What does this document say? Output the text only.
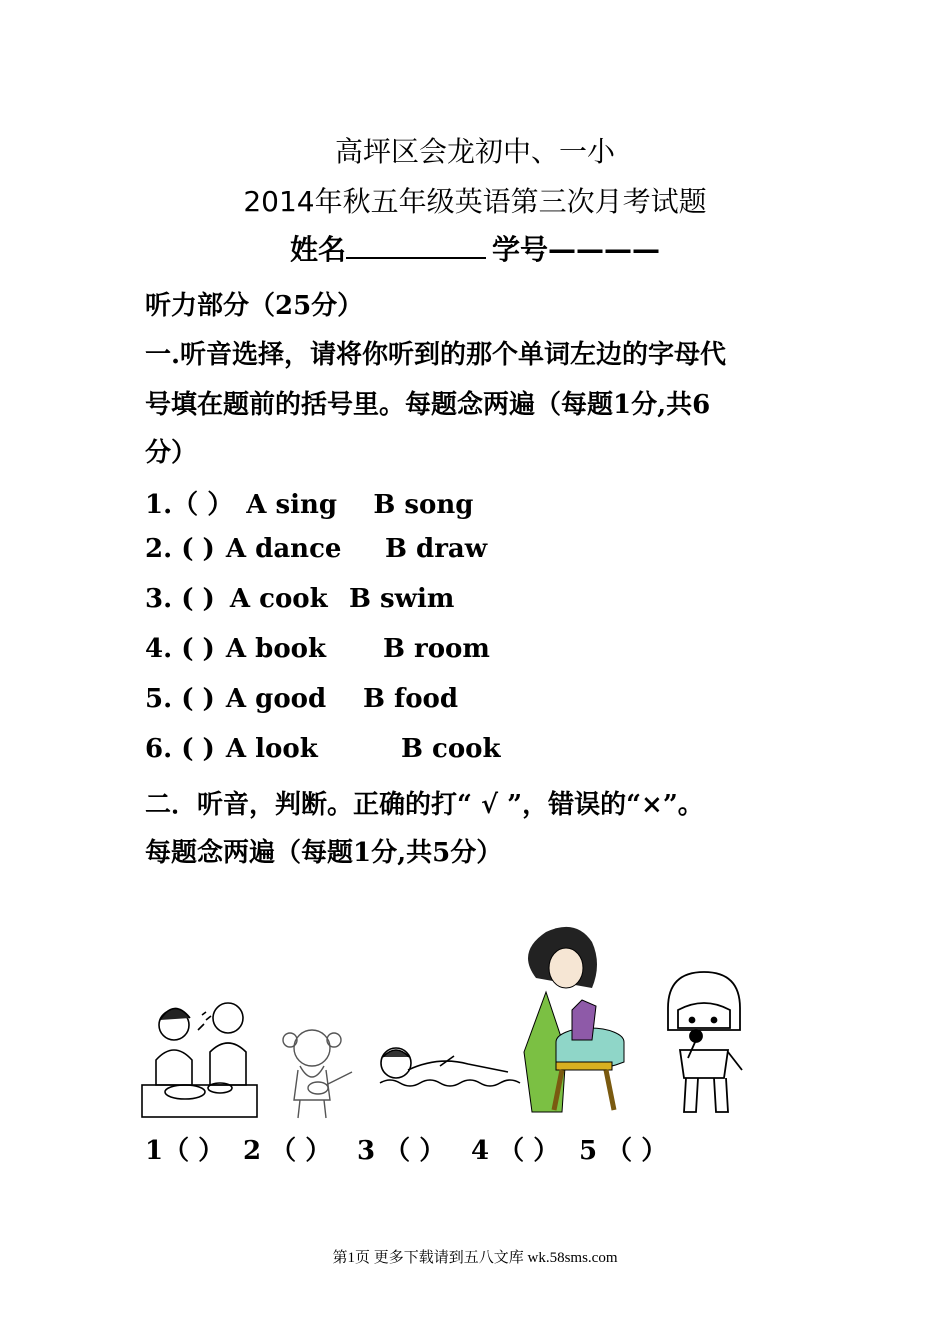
高坪区会龙初中、一小
2014年秋五年级英语第三次月考试题
姓名	学号————
听力部分（25分）
一.听音选择，请将你听到的那个单词左边的字母代
号填在题前的括号里。每题念两遍（每题1分,共6
分）
1.（ ） A sing B song
2. ( ) A dance B draw
3. ( ) A cook B swim
4. ( ) A book B room
5. ( ) A good B food
6. ( ) A look	B cook
二．听音，判断。正确的打“ √ ”，错误的“×”。
每题念两遍（每题1分,共5分）
1（ ） 2 （ ） 3 （ ） 4 （ ） 5 （ ）
第1页 更多下载请到五八文库 wk.58sms.com
